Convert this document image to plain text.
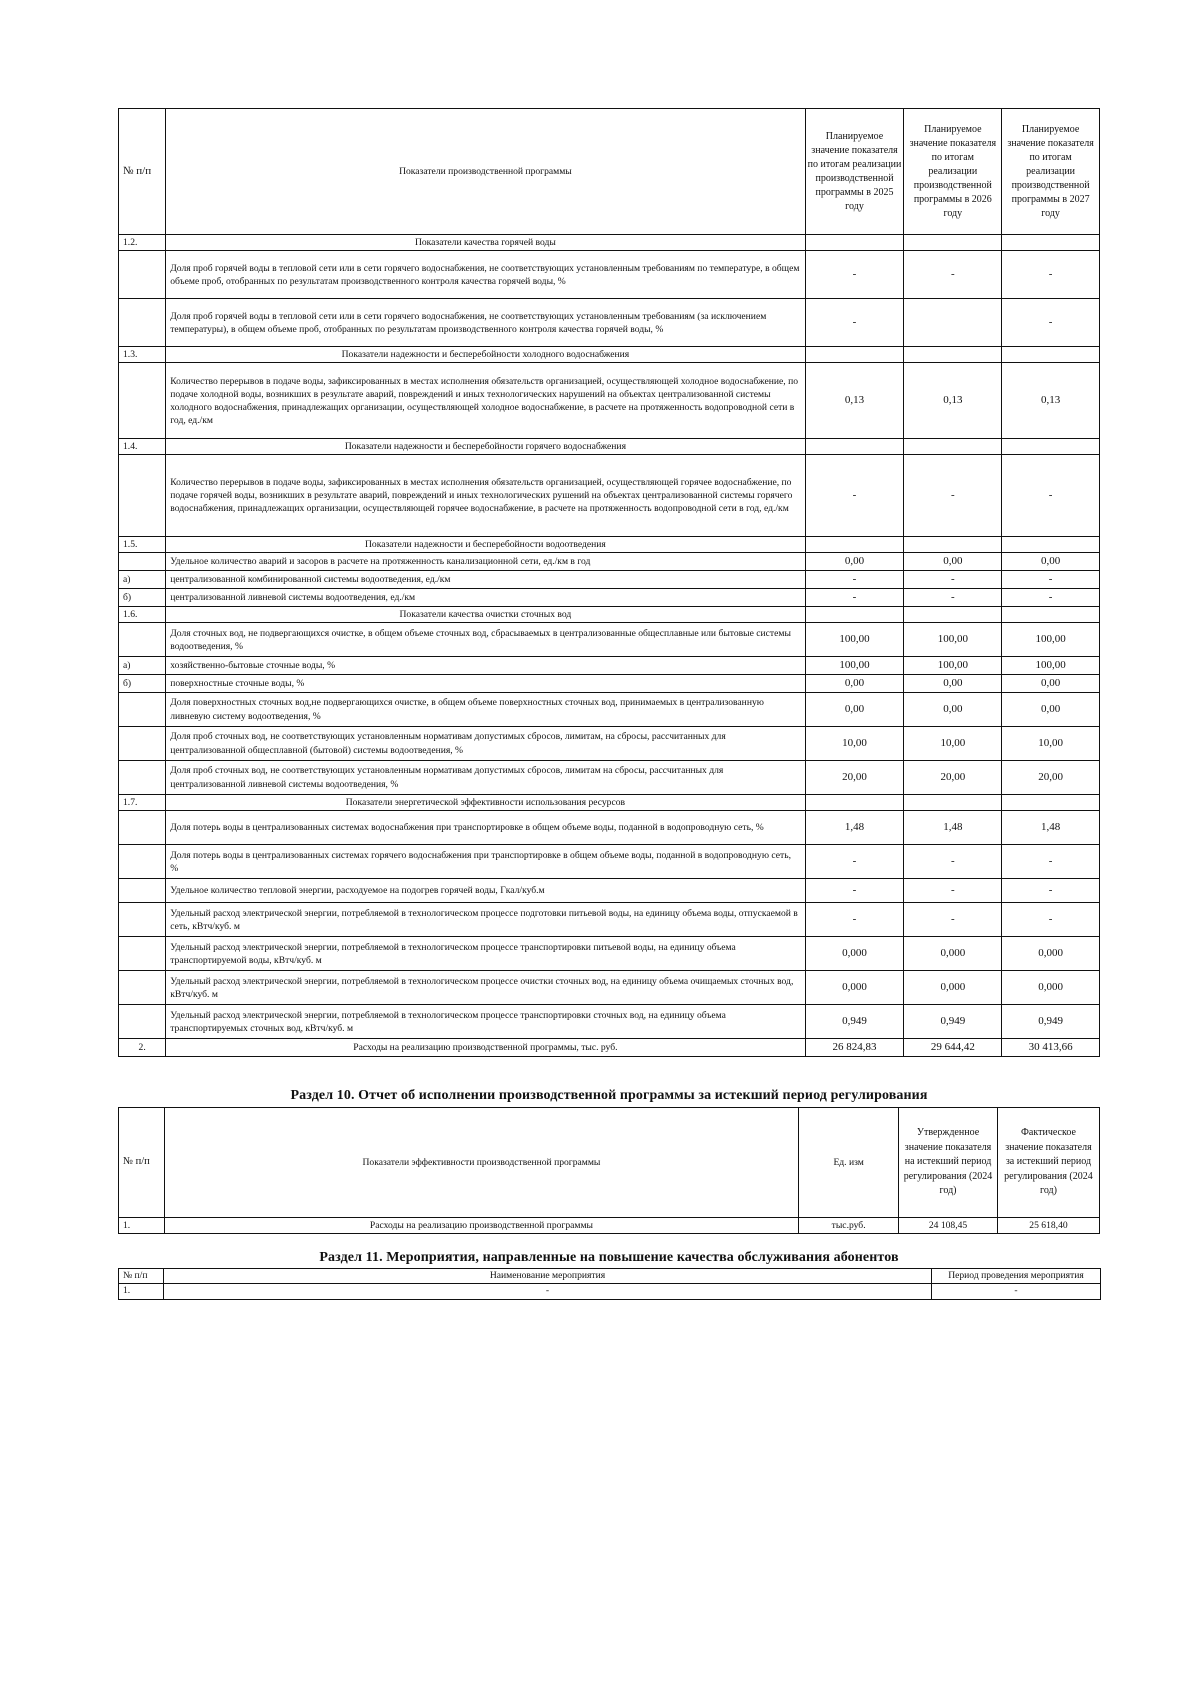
№ п/п	Показатели производственной программы	Планируемое значение показателя по итогам реализации производственной программы в 2025 году	Планируемое значение показателя по итогам реализации производственной программы в 2026 году	Планируемое значение показателя по итогам реализации производственной программы в 2027 году
1.2.	Показатели качества горячей воды			
	Доля проб горячей воды в тепловой сети или в сети горячего водоснабжения, не соответствующих установленным требованиям по температуре, в общем объеме проб, отобранных по результатам производственного контроля качества горячей воды, %	-	-	-
	Доля проб горячей воды в тепловой сети или в сети горячего водоснабжения, не соответствующих установленным требованиям (за исключением температуры), в общем объеме проб, отобранных по результатам производственного контроля качества горячей воды, %	-		-
1.3.	Показатели надежности и бесперебойности холодного водоснабжения			
	Количество перерывов в подаче воды, зафиксированных в местах исполнения обязательств организацией, осуществляющей холодное водоснабжение, по подаче холодной воды, возникших в результате аварий, повреждений и иных технологических нарушений на объектах централизованной системы холодного водоснабжения, принадлежащих организации, осуществляющей холодное водоснабжение, в расчете на протяженность водопроводной сети в год, ед./км	0,13	0,13	0,13
1.4.	Показатели надежности и бесперебойности горячего водоснабжения			
	Количество перерывов в подаче воды, зафиксированных в местах исполнения обязательств организацией, осуществляющей горячее водоснабжение, по подаче горячей воды, возникших в результате аварий, повреждений и иных технологических рушений на объектах централизованной системы горячего водоснабжения, принадлежащих организации, осуществляющей горячее водоснабжение, в расчете на протяженность водопроводной сети в год, ед./км	-	-	-
1.5.	Показатели надежности и бесперебойности водоотведения			
	Удельное количество аварий и засоров в расчете на протяженность канализационной сети, ед./км в год	0,00	0,00	0,00
а)	централизованной комбинированной системы водоотведения, ед./км	-	-	-
б)	централизованной ливневой системы водоотведения, ед./км	-	-	-
1.6.	Показатели качества очистки сточных вод			
	Доля сточных вод, не подвергающихся очистке, в общем объеме сточных вод, сбрасываемых в централизованные общесплавные или бытовые системы водоотведения, %	100,00	100,00	100,00
а)	хозяйственно-бытовые сточные воды, %	100,00	100,00	100,00
б)	поверхностные сточные воды, %	0,00	0,00	0,00
	Доля поверхностных сточных вод,не подвергающихся очистке, в общем объеме поверхностных сточных вод, принимаемых в централизованную ливневую систему водоотведения, %	0,00	0,00	0,00
	Доля проб сточных вод, не соответствующих установленным нормативам допустимых сбросов, лимитам, на сбросы, рассчитанных для централизованной общесплавной (бытовой) системы водоотведения, %	10,00	10,00	10,00
	Доля проб сточных вод, не соответствующих установленным нормативам допустимых сбросов, лимитам на сбросы, рассчитанных для централизованной ливневой системы водоотведения, %	20,00	20,00	20,00
1.7.	Показатели энергетической эффективности использования ресурсов			
	Доля потерь воды в централизованных системах водоснабжения при транспортировке в общем объеме воды, поданной в водопроводную сеть, %	1,48	1,48	1,48
	Доля потерь воды в централизованных системах горячего водоснабжения при транспортировке в общем объеме воды, поданной в водопроводную сеть, %	-	-	-
	Удельное количество тепловой энергии, расходуемое на подогрев горячей воды, Гкал/куб.м	-	-	-
	Удельный расход электрической энергии, потребляемой в технологическом процессе подготовки питьевой воды, на единицу объема воды, отпускаемой в сеть, кВтч/куб. м	-	-	-
	Удельный расход электрической энергии, потребляемой в технологическом процессе транспортировки питьевой воды, на единицу объема транспортируемой воды, кВтч/куб. м	0,000	0,000	0,000
	Удельный расход электрической энергии, потребляемой в технологическом процессе очистки сточных вод, на единицу объема очищаемых сточных вод, кВтч/куб. м	0,000	0,000	0,000
	Удельный расход электрической энергии, потребляемой в технологическом процессе транспортировки сточных вод, на единицу объема транспортируемых сточных вод, кВтч/куб. м	0,949	0,949	0,949
2.	Расходы на реализацию производственной программы, тыс. руб.	26 824,83	29 644,42	30 413,66
Раздел 10. Отчет об исполнении производственной программы за истекший период регулирования
№ п/п	Показатели эффективности производственной программы	Ед. изм	Утвержденное значение показателя на истекший период регулирования (2024 год)	Фактическое значение показателя за истекший период регулирования (2024 год)
1.	Расходы на реализацию производственной программы	тыс.руб.	24 108,45	25 618,40
Раздел 11. Мероприятия, направленные на повышение качества обслуживания абонентов
№ п/п	Наименование мероприятия	Период проведения мероприятия
1.	-	-
